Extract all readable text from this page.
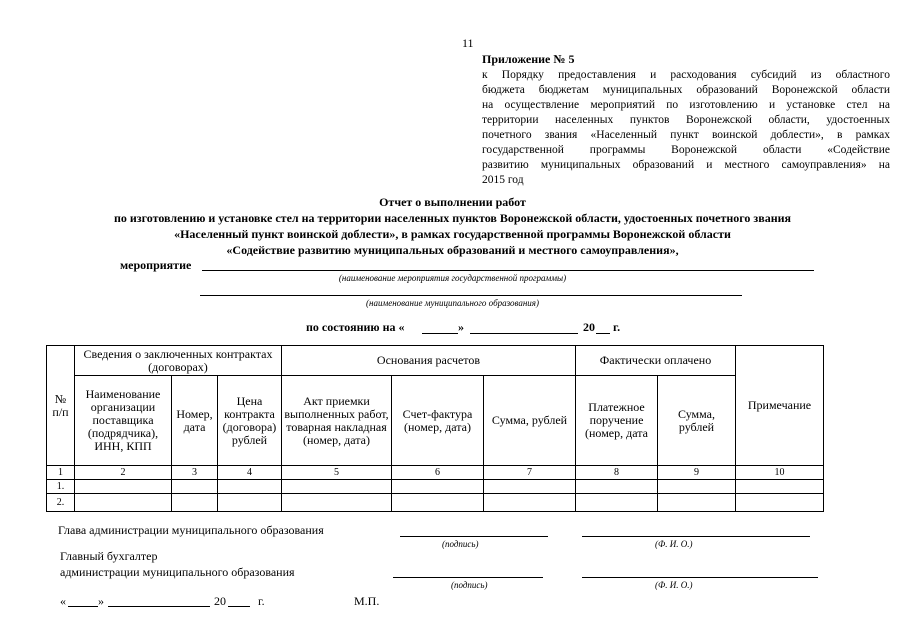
11
Приложение № 5
к Порядку предоставления и расходования субсидий из областного
бюджета бюджетам муниципальных образований Воронежской области
на осуществление мероприятий по изготовлению и установке стел на
территории населенных пунктов Воронежской области, удостоенных
почетного звания «Населенный пункт воинской доблести», в рамках
государственной программы Воронежской области «Содействие
развитию муниципальных образований и местного самоуправления» на
2015 год
Отчет о выполнении работ
по изготовлению и установке стел на территории населенных пунктов Воронежской области, удостоенных почетного звания
«Населенный пункт воинской доблести», в рамках государственной программы Воронежской области
«Содействие развитию муниципальных образований и местного самоуправления»,
мероприятие
(наименование мероприятия государственной программы)
(наименование муниципального образования)
по состоянию на «	»	20 г.
№ п/п	Сведения о заключенных контрактах (договорах)			Основания расчетов			Фактически оплачено		Примечание
	Наименование организации поставщика (подрядчика), ИНН, КПП	Номер, дата	Цена контракта (договора) рублей	Акт приемки выполненных работ, товарная накладная (номер, дата)	Счет-фактура (номер, дата)	Сумма, рублей	Платежное поручение (номер, дата	Сумма, рублей	
1	2	3	4	5	6	7	8	9	10
1.									
2.									
Глава администрации муниципального образования
(подпись)	(Ф. И. О.)
Главный бухгалтер
администрации муниципального образования
(подпись)	(Ф. И. О.)
«	»	20	г.	М.П.
